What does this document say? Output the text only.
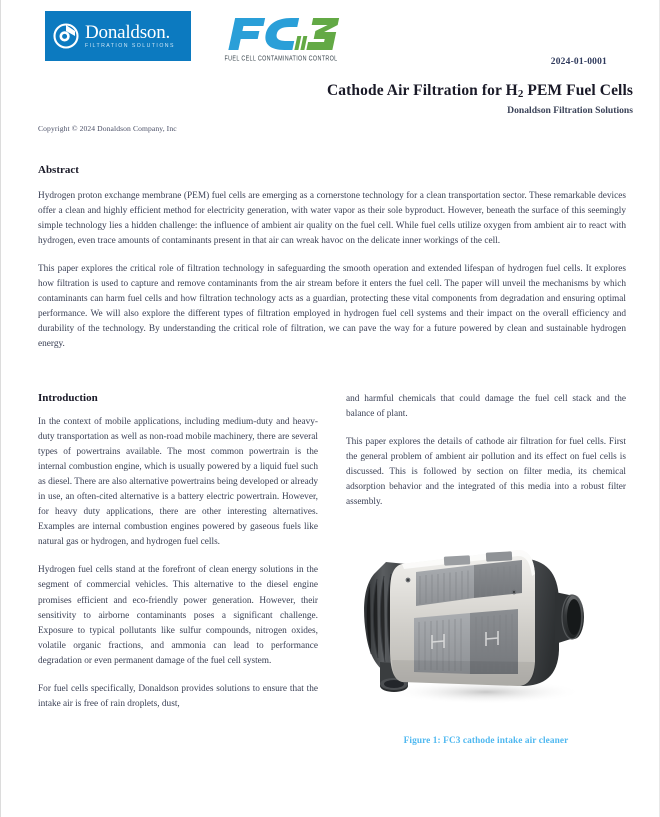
Donaldson.
FILTRATION SOLUTIONS
FUEL CELL CONTAMINATION CONTROL	2024-01-0001
Cathode Air Filtration for $H_2$ PEM Fuel Cells
Donaldson Filtration Solutions
Copyright © 2024 Donaldson Company, Inc
Abstract

Hydrogen proton exchange membrane (PEM) fuel cells are emerging as a cornerstone technology for a clean transportation sector. These remarkable devices offer a clean and highly efficient method for electricity generation, with water vapor as their sole byproduct. However, beneath the surface of this seemingly simple technology lies a hidden challenge: the influence of ambient air quality on the fuel cell. While fuel cells utilize oxygen from ambient air to react with hydrogen, even trace amounts of contaminants present in that air can wreak havoc on the delicate inner workings of the cell.

This paper explores the critical role of filtration technology in safeguarding the smooth operation and extended lifespan of hydrogen fuel cells. It explores how filtration is used to capture and remove contaminants from the air stream before it enters the fuel cell. The paper will unveil the mechanisms by which contaminants can harm fuel cells and how filtration technology acts as a guardian, protecting these vital components from degradation and ensuring optimal performance. We will also explore the different types of filtration employed in hydrogen fuel cell systems and their impact on the overall efficiency and durability of the technology. By understanding the critical role of filtration, we can pave the way for a future powered by clean and sustainable hydrogen energy.

Introduction

In the context of mobile applications, including medium-duty and heavy-duty transportation as well as non-road mobile machinery, there are several types of powertrains available. The most common powertrain is the internal combustion engine, which is usually powered by a liquid fuel such as diesel. There are also alternative powertrains being developed or already in use, an often-cited alternative is a battery electric powertrain. However, for heavy duty applications, there are other interesting alternatives. Examples are internal combustion engines powered by gaseous fuels like natural gas or hydrogen, and hydrogen fuel cells.

Hydrogen fuel cells stand at the forefront of clean energy solutions in the segment of commercial vehicles. This alternative to the diesel engine promises efficient and eco-friendly power generation. However, their sensitivity to airborne contaminants poses a significant challenge. Exposure to typical pollutants like sulfur compounds, nitrogen oxides, volatile organic fractions, and ammonia can lead to performance degradation or even permanent damage of the fuel cell system.

For fuel cells specifically, Donaldson provides solutions to ensure that the intake air is free of rain droplets, dust,

and harmful chemicals that could damage the fuel cell stack and the balance of plant.

This paper explores the details of cathode air filtration for fuel cells. First the general problem of ambient air pollution and its effect on fuel cells is discussed. This is followed by section on filter media, its chemical adsorption behavior and the integrated of this media into a robust filter assembly.

Figure 1: FC3 cathode intake air cleaner
